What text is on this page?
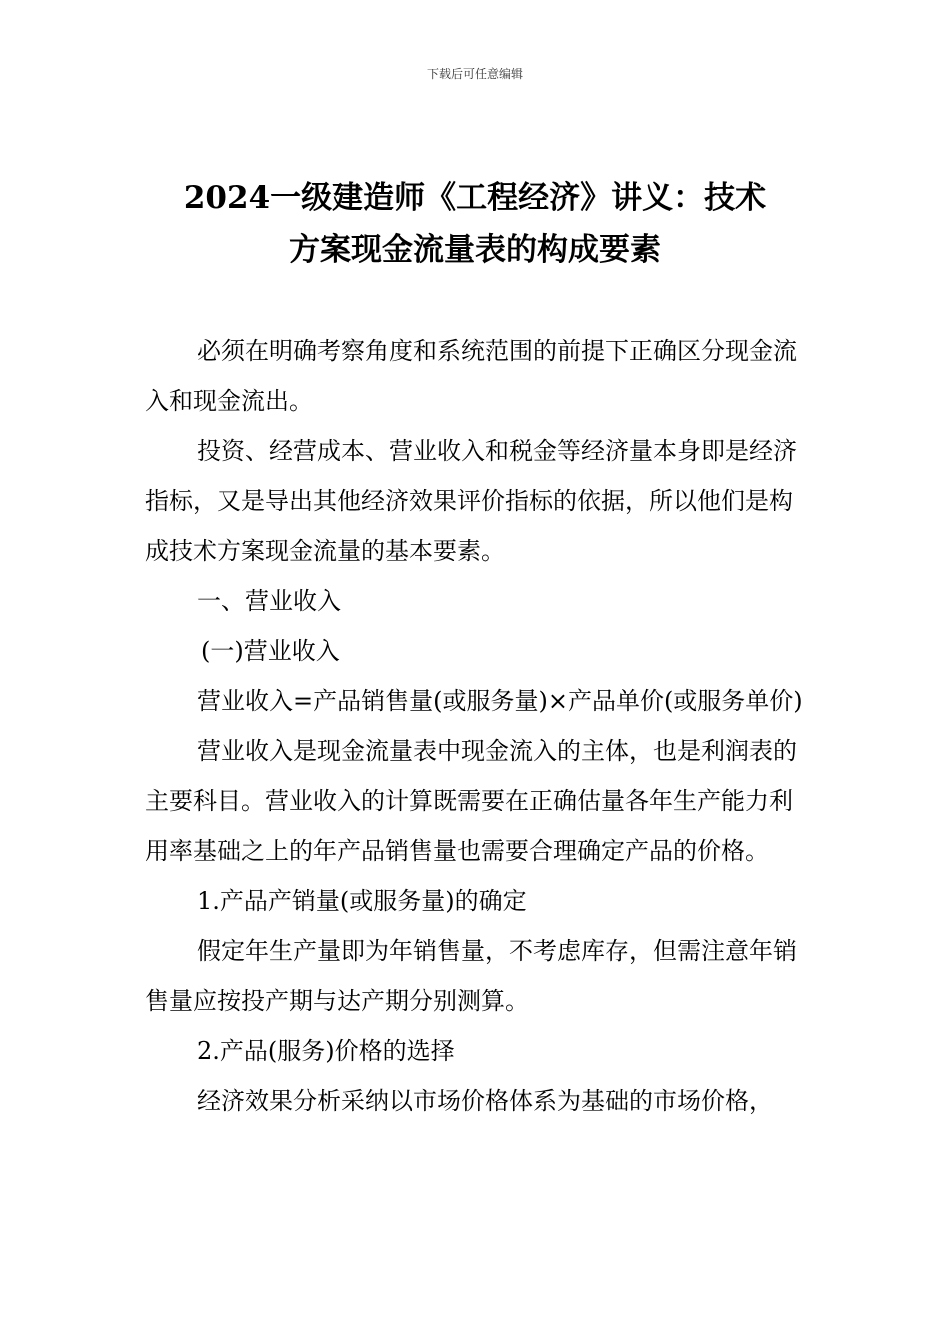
下载后可任意编辑
2024一级建造师《工程经济》讲义：技术
方案现金流量表的构成要素

必须在明确考察角度和系统范围的前提下正确区分现金流入和现金流出。

投资、经营成本、营业收入和税金等经济量本身即是经济指标，又是导出其他经济效果评价指标的依据，所以他们是构成技术方案现金流量的基本要素。

一、营业收入

(一)营业收入

营业收入=产品销售量(或服务量)×产品单价(或服务单价)

营业收入是现金流量表中现金流入的主体，也是利润表的主要科目。营业收入的计算既需要在正确估量各年生产能力利用率基础之上的年产品销售量也需要合理确定产品的价格。

1.产品产销量(或服务量)的确定

假定年生产量即为年销售量，不考虑库存，但需注意年销售量应按投产期与达产期分别测算。

2.产品(服务)价格的选择

经济效果分析采纳以市场价格体系为基础的市场价格，
